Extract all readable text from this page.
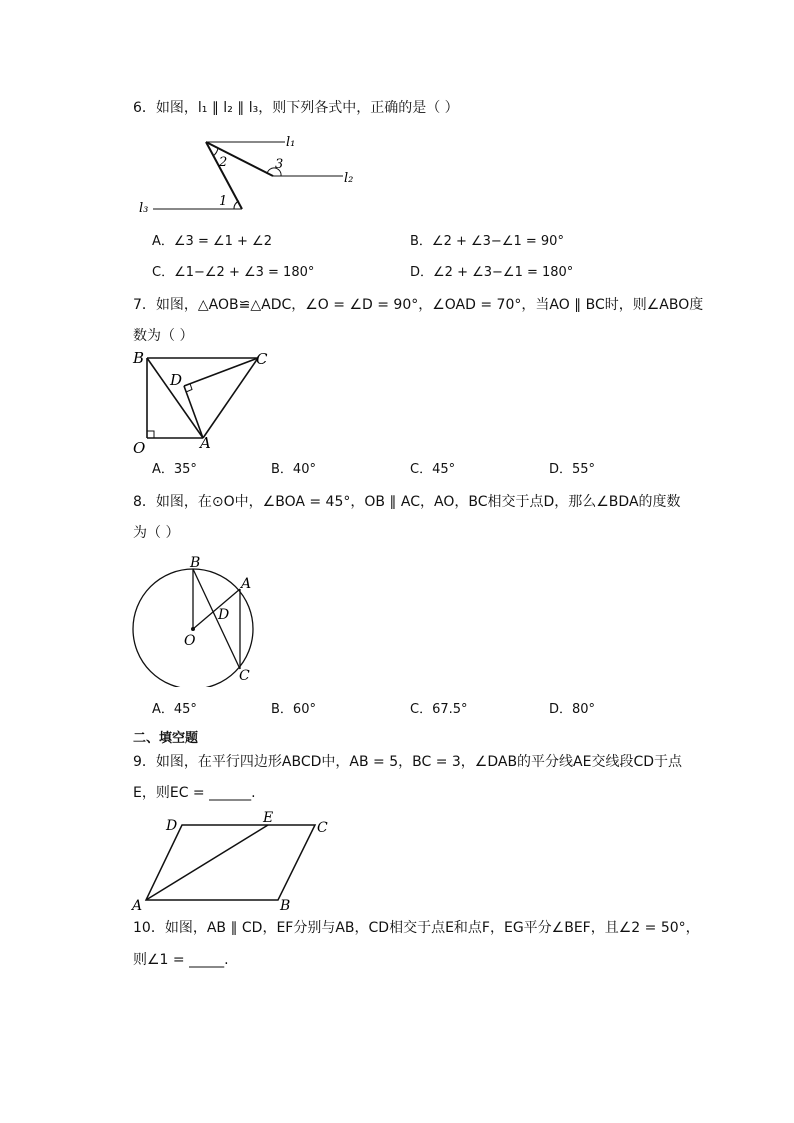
6．如图，l₁ ∥ l₂ ∥ l₃，则下列各式中，正确的是（ ）
l₁
l₂
l₃
2	3
1
A．∠3 = ∠1 + ∠2	B．∠2 + ∠3−∠1 = 90°
C．∠1−∠2 + ∠3 = 180°	D．∠2 + ∠3−∠1 = 180°
7．如图，△AOB≌△ADC，∠O = ∠D = 90°，∠OAD = 70°，当AO ∥ BC时，则∠ABO度
数为（ ）
B	C
D
O	A
A．35°	B．40°	C．45°	D．55°
8．如图，在⊙O中，∠BOA = 45°，OB ∥ AC，AO，BC相交于点D，那么∠BDA的度数
为（ ）
B
A
D
O
C
A．45°	B．60°	C．67.5°	D．80°
二、填空题
9．如图，在平行四边形ABCD中，AB = 5，BC = 3，∠DAB的平分线AE交线段CD于点
E，则EC = ______.
D	E
C
A	B
10．如图，AB ∥ CD，EF分别与AB，CD相交于点E和点F，EG平分∠BEF，且∠2 = 50°，
则∠1 = _____.
